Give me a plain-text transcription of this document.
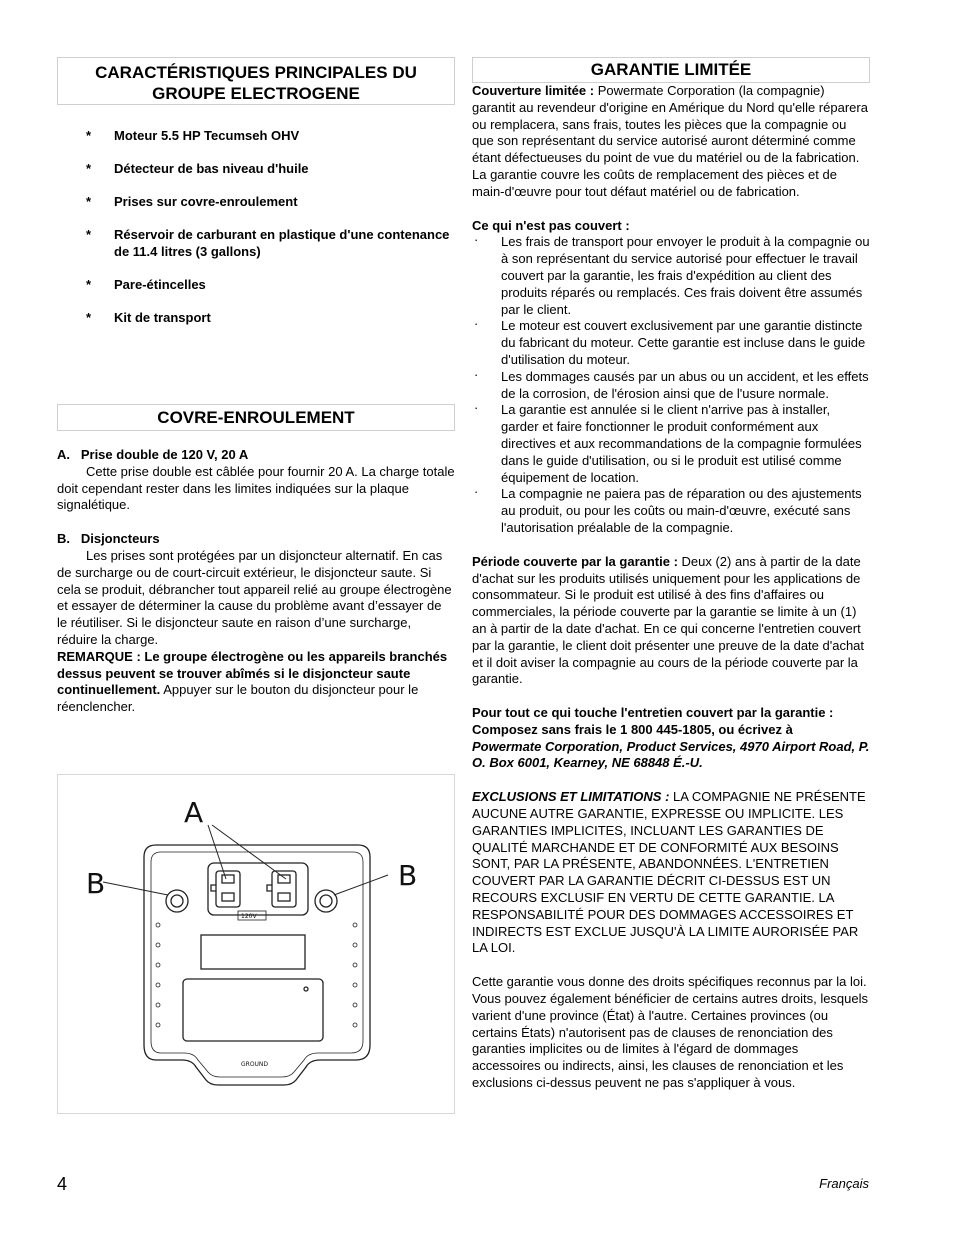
CARACTÉRISTIQUES PRINCIPALES DU GROUPE ELECTROGENE
* Moteur 5.5 HP Tecumseh OHV
* Détecteur de bas niveau d'huile
* Prises sur covre-enroulement
* Réservoir de carburant en plastique d'une contenance de 11.4 litres (3 gallons)
* Pare-étincelles
* Kit de transport
COVRE-ENROULEMENT

A.   Prise double de 120 V, 20 A

Cette prise double est câblée pour fournir 20 A. La charge totale doit cependant rester dans les limites indiquées sur la plaque signalétique.

B.   Disjoncteurs

Les prises sont protégées par un disjoncteur alternatif. En cas de surcharge ou de court-circuit extérieur, le disjoncteur saute. Si cela se produit, débrancher tout appareil relié au groupe électrogène et essayer de déterminer la cause du problème avant d’essayer de le réutiliser. Si le disjoncteur saute en raison d’une surcharge, réduire la charge.

REMARQUE : Le groupe électrogène ou les appareils branchés dessus peuvent se trouver abîmés si le disjoncteur saute continuellement. Appuyer sur le bouton du disjoncteur pour le réenclencher.

A
B	B
120V
GROUND
GARANTIE LIMITÉE

Couverture limitée : Powermate Corporation (la compagnie) garantit au revendeur d'origine en Amérique du Nord qu'elle réparera ou remplacera, sans frais, toutes les pièces que la compagnie ou que son représentant du service autorisé auront déterminé comme étant défectueuses du point de vue du matériel ou de la fabrication. La garantie couvre les coûts de remplacement des pièces et de main-d'œuvre pour tout défaut matériel ou de fabrication.

Ce qui n'est pas couvert :

· Les frais de transport pour envoyer le produit à la compagnie ou à son représentant du service autorisé pour effectuer le travail couvert par la garantie, les frais d'expédition au client des produits réparés ou remplacés. Ces frais doivent être assumés par le client.
· Le moteur est couvert exclusivement par une garantie distincte du fabricant du moteur. Cette garantie est incluse dans le guide d'utilisation du moteur.
· Les dommages causés par un abus ou un accident, et les effets de la corrosion, de l'érosion ainsi que de l'usure normale.
· La garantie est annulée si le client n'arrive pas à installer, garder et faire fonctionner le produit conformément aux directives et aux recommandations de la compagnie formulées dans le guide d'utilisation, ou si le produit est utilisé comme équipement de location.
· La compagnie ne paiera pas de réparation ou des ajustements au produit, ou pour les coûts ou main-d'œuvre, exécuté sans l'autorisation préalable de la compagnie.

Période couverte par la garantie : Deux (2) ans à partir de la date d'achat sur les produits utilisés uniquement pour les applications de consommateur. Si le produit est utilisé à des fins d'affaires ou commerciales, la période couverte par la garantie se limite à un (1) an à partir de la date d'achat. En ce qui concerne l'entretien couvert par la garantie, le client doit présenter une preuve de la date d'achat et il doit aviser la compagnie au cours de la période couverte par la garantie.

Pour tout ce qui touche l'entretien couvert par la garantie : Composez sans frais le 1 800 445-1805, ou écrivez à
Powermate Corporation, Product Services, 4970 Airport Road, P. O. Box 6001, Kearney, NE 68848 É.-U.

EXCLUSIONS ET LIMITATIONS : LA COMPAGNIE NE PRÉSENTE AUCUNE AUTRE GARANTIE, EXPRESSE OU IMPLICITE. LES GARANTIES IMPLICITES, INCLUANT LES GARANTIES DE QUALITÉ MARCHANDE ET DE CONFORMITÉ AUX BESOINS SONT, PAR LA PRÉSENTE, ABANDONNÉES. L'ENTRETIEN COUVERT PAR LA GARANTIE DÉCRIT CI-DESSUS EST UN RECOURS EXCLUSIF EN VERTU DE CETTE GARANTIE. LA RESPONSABILITÉ POUR DES DOMMAGES ACCESSOIRES ET INDIRECTS EST EXCLUE JUSQU'À LA LIMITE AURORISÉE PAR LA LOI.

Cette garantie vous donne des droits spécifiques reconnus par la loi. Vous pouvez également bénéficier de certains autres droits, lesquels varient d'une province (État) à l'autre. Certaines provinces (ou certains États) n'autorisent pas de clauses de renonciation des garanties implicites ou de limites à l'égard de dommages accessoires ou indirects, ainsi, les clauses de renonciation et les exclusions ci-dessus peuvent ne pas s'appliquer à vous.

4	Français
